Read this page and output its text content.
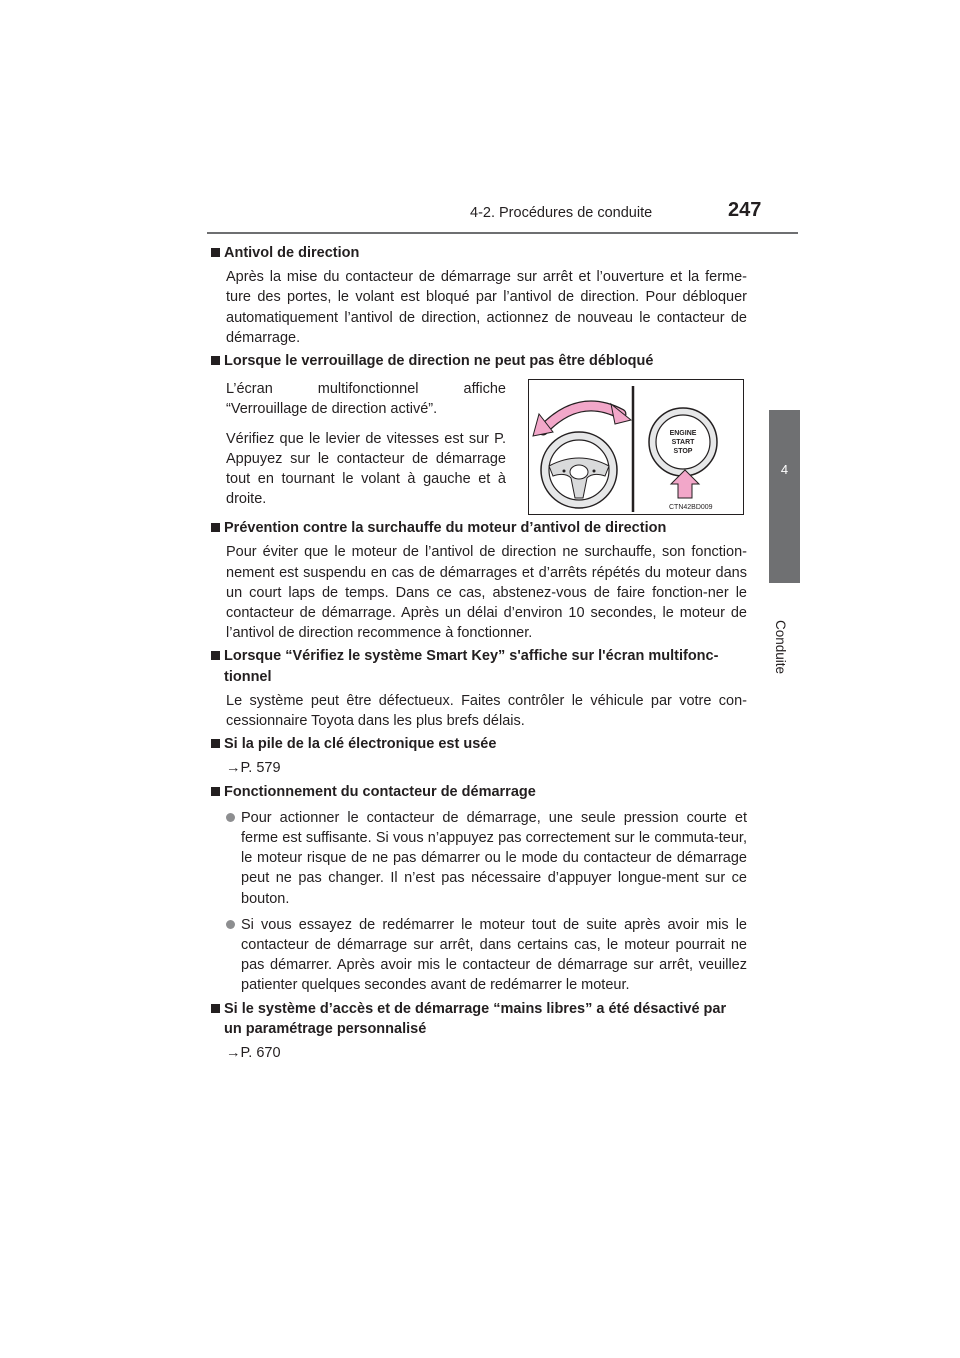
4-2. Procédures de conduite	247
4
Conduite
Antivol de direction
Après la mise du contacteur de démarrage sur arrêt et l’ouverture et la ferme-ture des portes, le volant est bloqué par l’antivol de direction. Pour débloquer automatiquement l’antivol de direction, actionnez de nouveau le contacteur de démarrage.
Lorsque le verrouillage de direction ne peut pas être débloqué

L’écran multifonctionnel affiche “Verrouillage de direction activé”.

Vérifiez que le levier de vitesses est sur P. Appuyez sur le contacteur de démarrage tout en tournant le volant à gauche et à droite.

ENGINE
START
STOP
CTN42BD009
Prévention contre la surchauffe du moteur d’antivol de direction
Pour éviter que le moteur de l’antivol de direction ne surchauffe, son fonction-nement est suspendu en cas de démarrages et d’arrêts répétés du moteur dans un court laps de temps. Dans ce cas, abstenez-vous de faire fonction-ner le contacteur de démarrage. Après un délai d’environ 10 secondes, le moteur de l’antivol de direction recommence à fonctionner.
Lorsque “Vérifiez le système Smart Key” s'affiche sur l'écran multifonc-tionnel
Le système peut être défectueux. Faites contrôler le véhicule par votre con-cessionnaire Toyota dans les plus brefs délais.
Si la pile de la clé électronique est usée
→P. 579
Fonctionnement du contacteur de démarrage
Pour actionner le contacteur de démarrage, une seule pression courte et ferme est suffisante. Si vous n’appuyez pas correctement sur le commuta-teur, le moteur risque de ne pas démarrer ou le mode du contacteur de démarrage peut ne pas changer. Il n’est pas nécessaire d’appuyer longue-ment sur ce bouton.
Si vous essayez de redémarrer le moteur tout de suite après avoir mis le contacteur de démarrage sur arrêt, dans certains cas, le moteur pourrait ne pas démarrer. Après avoir mis le contacteur de démarrage sur arrêt, veuillez patienter quelques secondes avant de redémarrer le moteur.
Si le système d’accès et de démarrage “mains libres” a été désactivé par un paramétrage personnalisé
→P. 670
